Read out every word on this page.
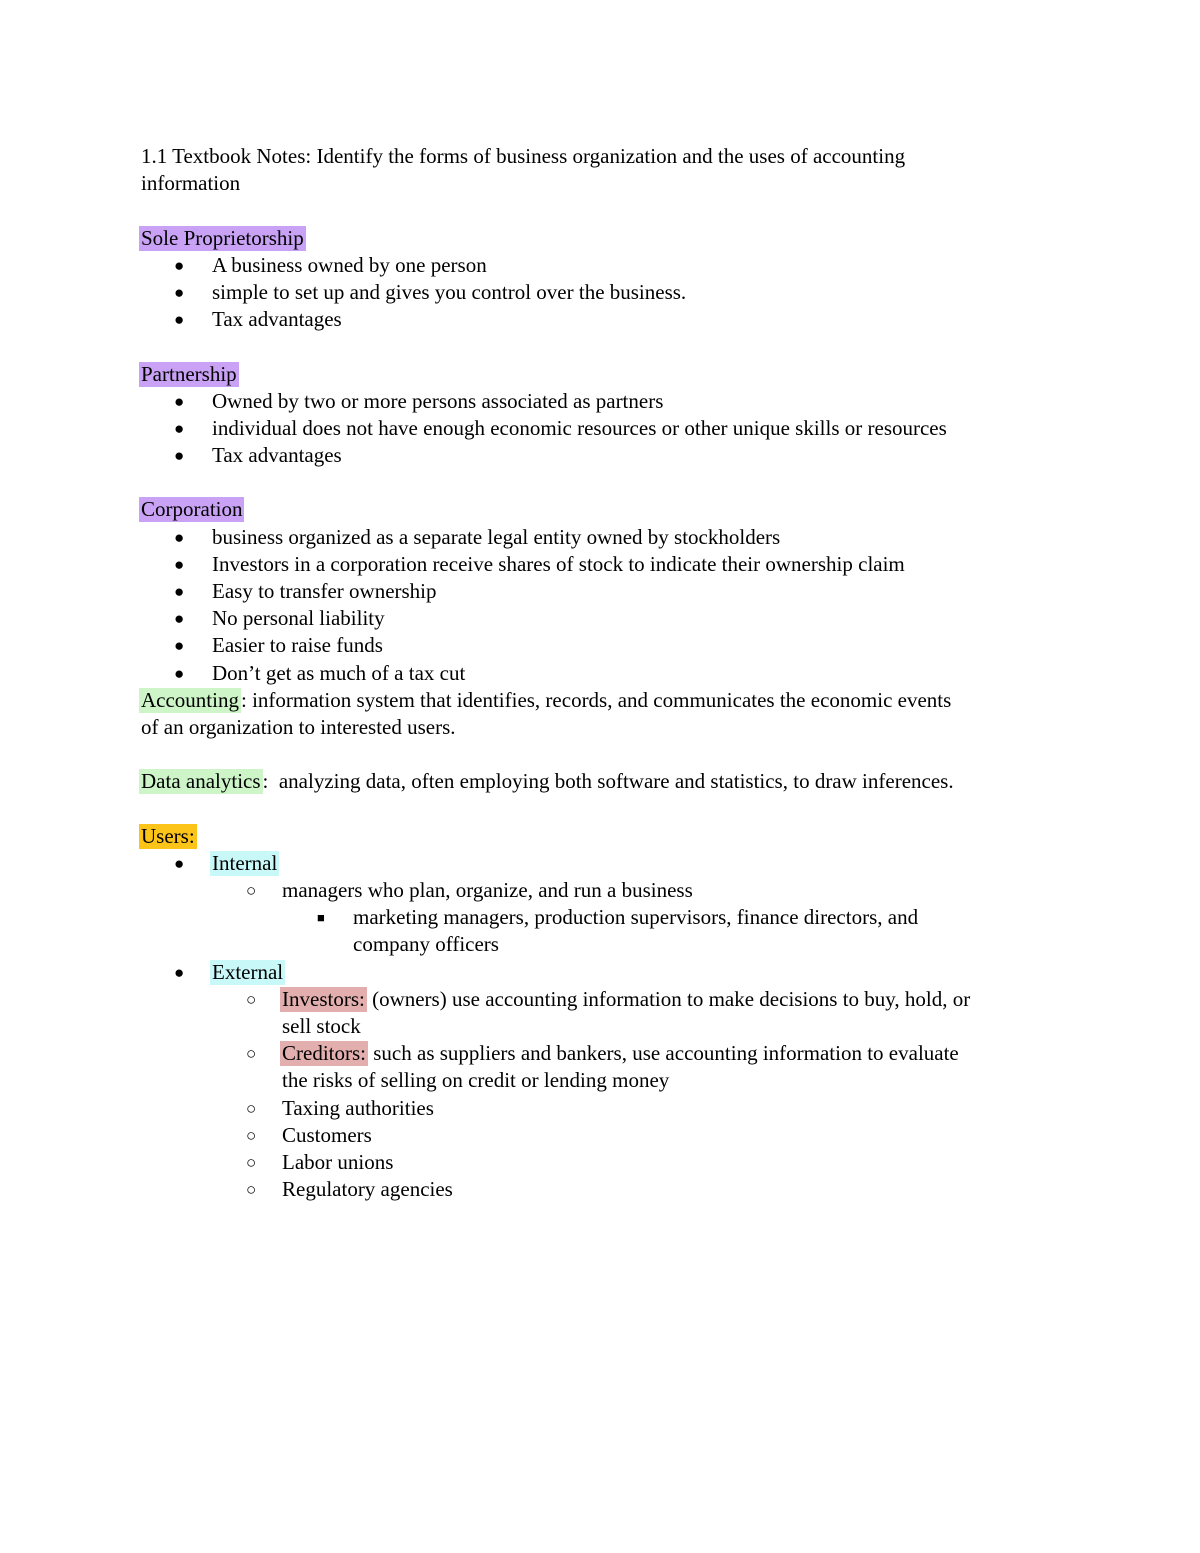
1.1 Textbook Notes: Identify the forms of business organization and the uses of accounting
information
Sole Proprietorship
● A business owned by one person
● simple to set up and gives you control over the business.
● Tax advantages
Partnership
● Owned by two or more persons associated as partners
● individual does not have enough economic resources or other unique skills or resources
● Tax advantages
Corporation
● business organized as a separate legal entity owned by stockholders
● Investors in a corporation receive shares of stock to indicate their ownership claim
● Easy to transfer ownership
● No personal liability
● Easier to raise funds
● Don’t get as much of a tax cut
Accounting: information system that identifies, records, and communicates the economic events
of an organization to interested users.
Data analytics:  analyzing data, often employing both software and statistics, to draw inferences.
Users:
● Internal
○ managers who plan, organize, and run a business
■ marketing managers, production supervisors, finance directors, and
company officers
● External
○ Investors: (owners) use accounting information to make decisions to buy, hold, or
sell stock
○ Creditors: such as suppliers and bankers, use accounting information to evaluate
the risks of selling on credit or lending money
○ Taxing authorities
○ Customers
○ Labor unions
○ Regulatory agencies
